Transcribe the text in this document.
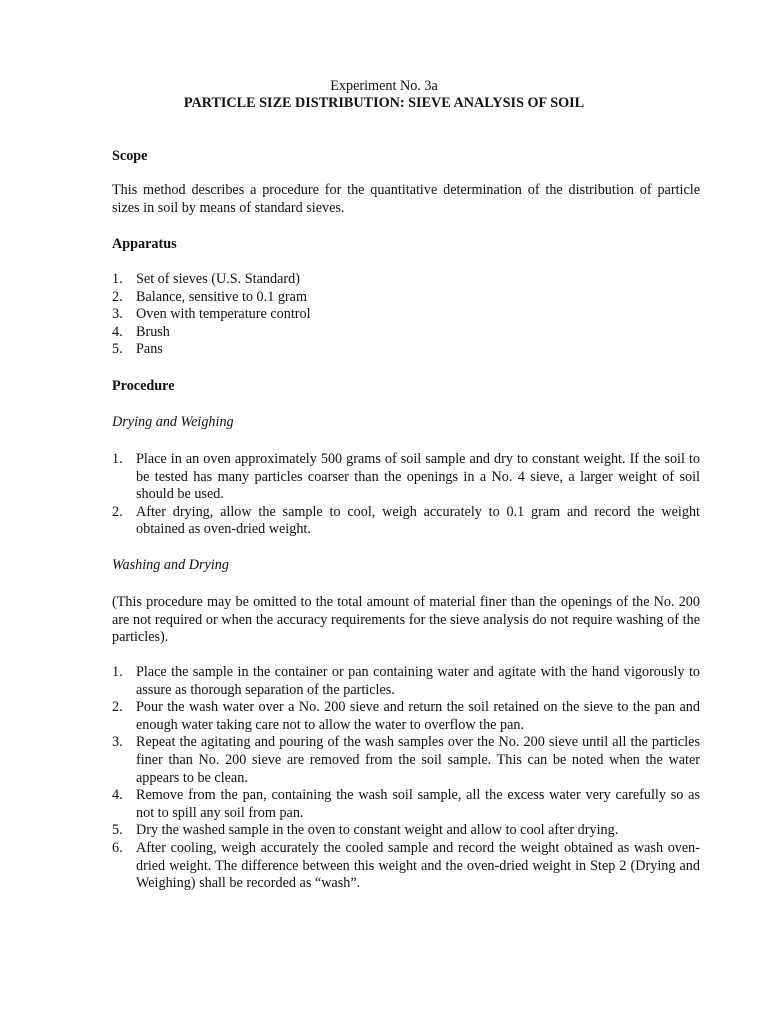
Experiment No. 3a
PARTICLE SIZE DISTRIBUTION: SIEVE ANALYSIS OF SOIL
Scope
This method describes a procedure for the quantitative determination of the distribution of particle sizes in soil by means of standard sieves.
Apparatus
1. Set of sieves (U.S. Standard)
2. Balance, sensitive to 0.1 gram
3. Oven with temperature control
4. Brush
5. Pans
Procedure
Drying and Weighing
1. Place in an oven approximately 500 grams of soil sample and dry to constant weight. If the soil to be tested has many particles coarser than the openings in a No. 4 sieve, a larger weight of soil should be used.
2. After drying, allow the sample to cool, weigh accurately to 0.1 gram and record the weight obtained as oven-dried weight.
Washing and Drying
(This procedure may be omitted to the total amount of material finer than the openings of the No. 200 are not required or when the accuracy requirements for the sieve analysis do not require washing of the particles).
1. Place the sample in the container or pan containing water and agitate with the hand vigorously to assure as thorough separation of the particles.
2. Pour the wash water over a No. 200 sieve and return the soil retained on the sieve to the pan and enough water taking care not to allow the water to overflow the pan.
3. Repeat the agitating and pouring of the wash samples over the No. 200 sieve until all the particles finer than No. 200 sieve are removed from the soil sample. This can be noted when the water appears to be clean.
4. Remove from the pan, containing the wash soil sample, all the excess water very carefully so as not to spill any soil from pan.
5. Dry the washed sample in the oven to constant weight and allow to cool after drying.
6. After cooling, weigh accurately the cooled sample and record the weight obtained as wash oven-dried weight. The difference between this weight and the oven-dried weight in Step 2 (Drying and Weighing) shall be recorded as “wash”.
